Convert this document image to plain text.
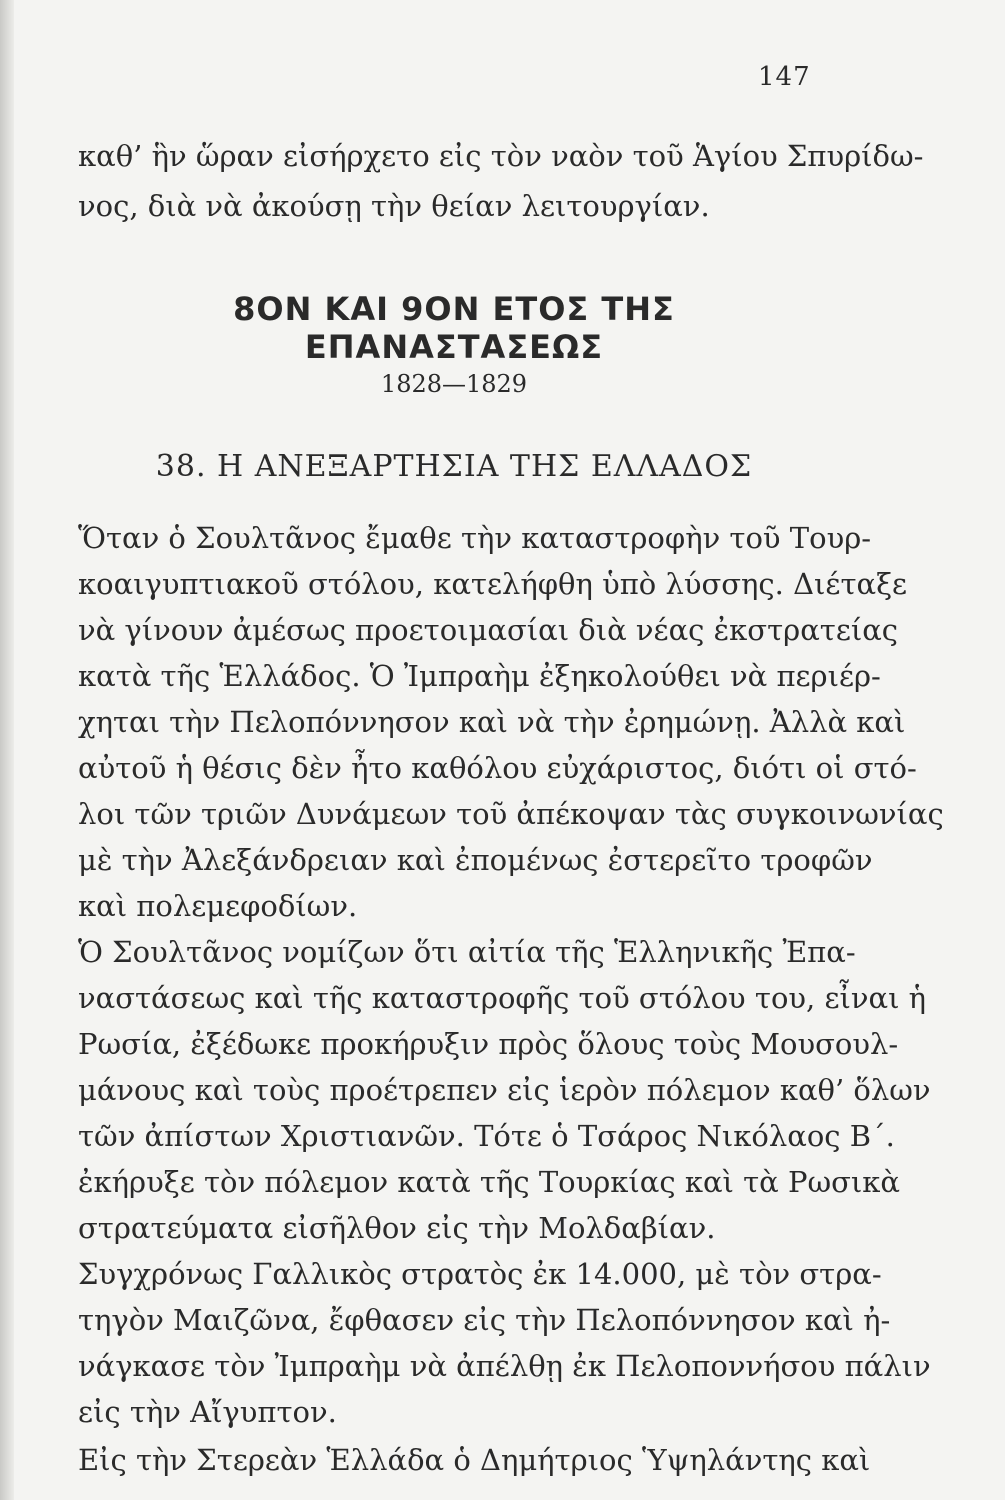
147
καθ’ ἣν ὥραν εἰσήρχετο εἰς τὸν ναὸν τοῦ Ἁγίου Σπυρίδω-
νος, διὰ νὰ ἀκούσῃ τὴν θείαν λειτουργίαν.
8ΟΝ ΚΑΙ 9ΟΝ ΕΤΟΣ ΤΗΣ ΕΠΑΝΑΣΤΑΣΕΩΣ
1828—1829
38. Η ΑΝΕΞΑΡΤΗΣΙΑ ΤΗΣ ΕΛΛΑΔΟΣ
Ὅταν ὁ Σουλτᾶνος ἔμαθε τὴν καταστροφὴν τοῦ Τουρ-
κοαιγυπτιακοῦ στόλου, κατελήφθη ὑπὸ λύσσης. Διέταξε
νὰ γίνουν ἀμέσως προετοιμασίαι διὰ νέας ἐκστρατείας
κατὰ τῆς Ἑλλάδος. Ὁ Ἰμπραὴμ ἐξηκολούθει νὰ περιέρ-
χηται τὴν Πελοπόννησον καὶ νὰ τὴν ἐρημώνῃ. Ἀλλὰ καὶ
αὐτοῦ ἡ θέσις δὲν ἦτο καθόλου εὐχάριστος, διότι οἱ στό-
λοι τῶν τριῶν Δυνάμεων τοῦ ἀπέκοψαν τὰς συγκοινωνίας
μὲ τὴν Ἀλεξάνδρειαν καὶ ἐπομένως ἐστερεῖτο τροφῶν
καὶ πολεμεφοδίων.
Ὁ Σουλτᾶνος νομίζων ὅτι αἰτία τῆς Ἑλληνικῆς Ἐπα-
ναστάσεως καὶ τῆς καταστροφῆς τοῦ στόλου του, εἶναι ἡ
Ρωσία, ἐξέδωκε προκήρυξιν πρὸς ὅλους τοὺς Μουσουλ-
μάνους καὶ τοὺς προέτρεπεν εἰς ἱερὸν πόλεμον καθ’ ὅλων
τῶν ἀπίστων Χριστιανῶν. Τότε ὁ Τσάρος Νικόλαος Β΄.
ἐκήρυξε τὸν πόλεμον κατὰ τῆς Τουρκίας καὶ τὰ Ρωσικὰ
στρατεύματα εἰσῆλθον εἰς τὴν Μολδαβίαν.
Συγχρόνως Γαλλικὸς στρατὸς ἐκ 14.000, μὲ τὸν στρα-
τηγὸν Μαιζῶνα, ἔφθασεν εἰς τὴν Πελοπόννησον καὶ ἠ-
νάγκασε τὸν Ἰμπραὴμ νὰ ἀπέλθῃ ἐκ Πελοποννήσου πάλιν
εἰς τὴν Αἴγυπτον.
Εἰς τὴν Στερεὰν Ἑλλάδα ὁ Δημήτριος Ὑψηλάντης καὶ
